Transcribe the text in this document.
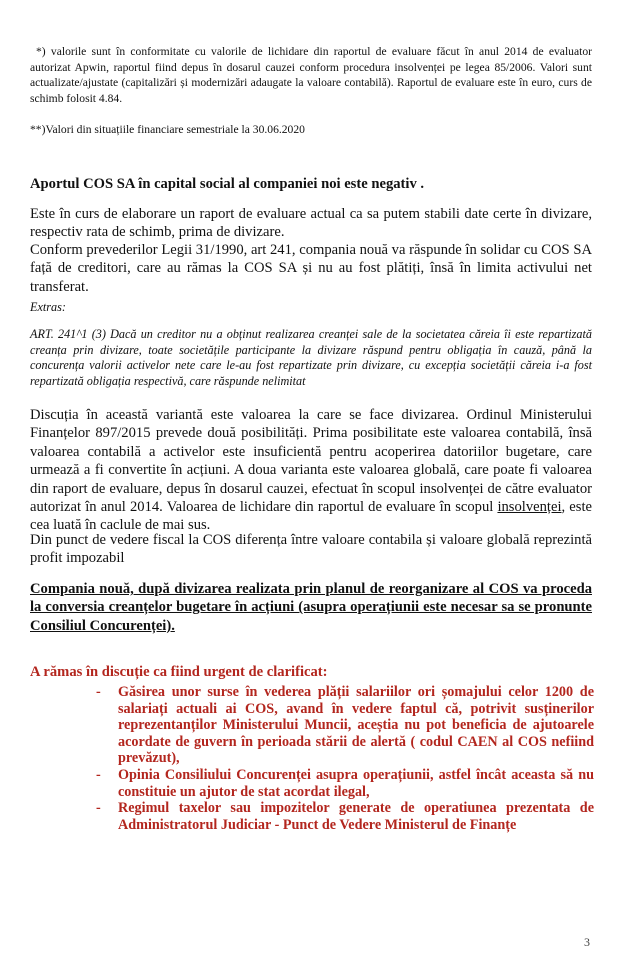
*) valorile sunt în conformitate cu valorile de lichidare din raportul de evaluare făcut în anul 2014 de evaluator autorizat Apwin, raportul fiind depus în dosarul cauzei conform procedura insolvenței pe legea 85/2006. Valori sunt actualizate/ajustate (capitalizări și modernizări adaugate la valoare contabilă). Raportul de evaluare este în euro, curs de schimb folosit 4.84.

**)Valori din situațiile financiare semestriale la 30.06.2020

Aportul COS SA în capital social al companiei noi este negativ .

Este în curs de elaborare un raport de evaluare actual ca sa putem stabili date certe în divizare, respectiv rata de schimb, prima de divizare.

Conform prevederilor Legii 31/1990, art 241, compania nouă va răspunde în solidar cu COS SA față de creditori, care au rămas la COS SA și nu au fost plătiți, însă în limita activului net transferat.

Extras:

ART. 241^1 (3) Dacă un creditor nu a obținut realizarea creanței sale de la societatea căreia îi este repartizată creanța prin divizare, toate societățile participante la divizare răspund pentru obligația în cauză, până la concurența valorii activelor nete care le-au fost repartizate prin divizare, cu excepția societății căreia i-a fost repartizată obligația respectivă, care răspunde nelimitat

Discuția în această variantă este valoarea la care se face divizarea. Ordinul Ministerului Finanțelor 897/2015 prevede două posibilități. Prima posibilitate este valoarea contabilă, însă valoarea contabilă a activelor este insuficientă pentru acoperirea datoriilor bugetare, care urmează a fi convertite în acțiuni. A doua varianta este valoarea globală, care poate fi valoarea din raport de evaluare, depus în dosarul cauzei, efectuat în scopul insolvenței de către evaluator autorizat în anul 2014. Valoarea de lichidare din raportul de evaluare în scopul insolvenței, este cea luată în caclule de mai sus.

Din punct de vedere fiscal la COS diferența între valoare contabila și valoare globală reprezintă profit impozabil

Compania nouă, după divizarea realizata prin planul de reorganizare al COS va proceda la conversia creanțelor bugetare în acțiuni (asupra operațiunii este necesar sa se pronunte Consiliul Concurenței).

A rămas în discuție ca fiind urgent de clarificat:

- Găsirea unor surse în vederea plății salariilor ori șomajului celor 1200 de salariați actuali ai COS, avand în vedere faptul că, potrivit susținerilor reprezentanților Ministerului Muncii, aceștia nu pot beneficia de ajutoarele acordate de guvern în perioada stării de alertă ( codul CAEN al COS nefiind prevăzut),
- Opinia Consiliului Concurenței asupra operațiunii, astfel încât aceasta să nu constituie un ajutor de stat acordat ilegal,
- Regimul taxelor sau impozitelor generate de operatiunea prezentata de Administratorul Judiciar - Punct de Vedere Ministerul de Finanțe
3
